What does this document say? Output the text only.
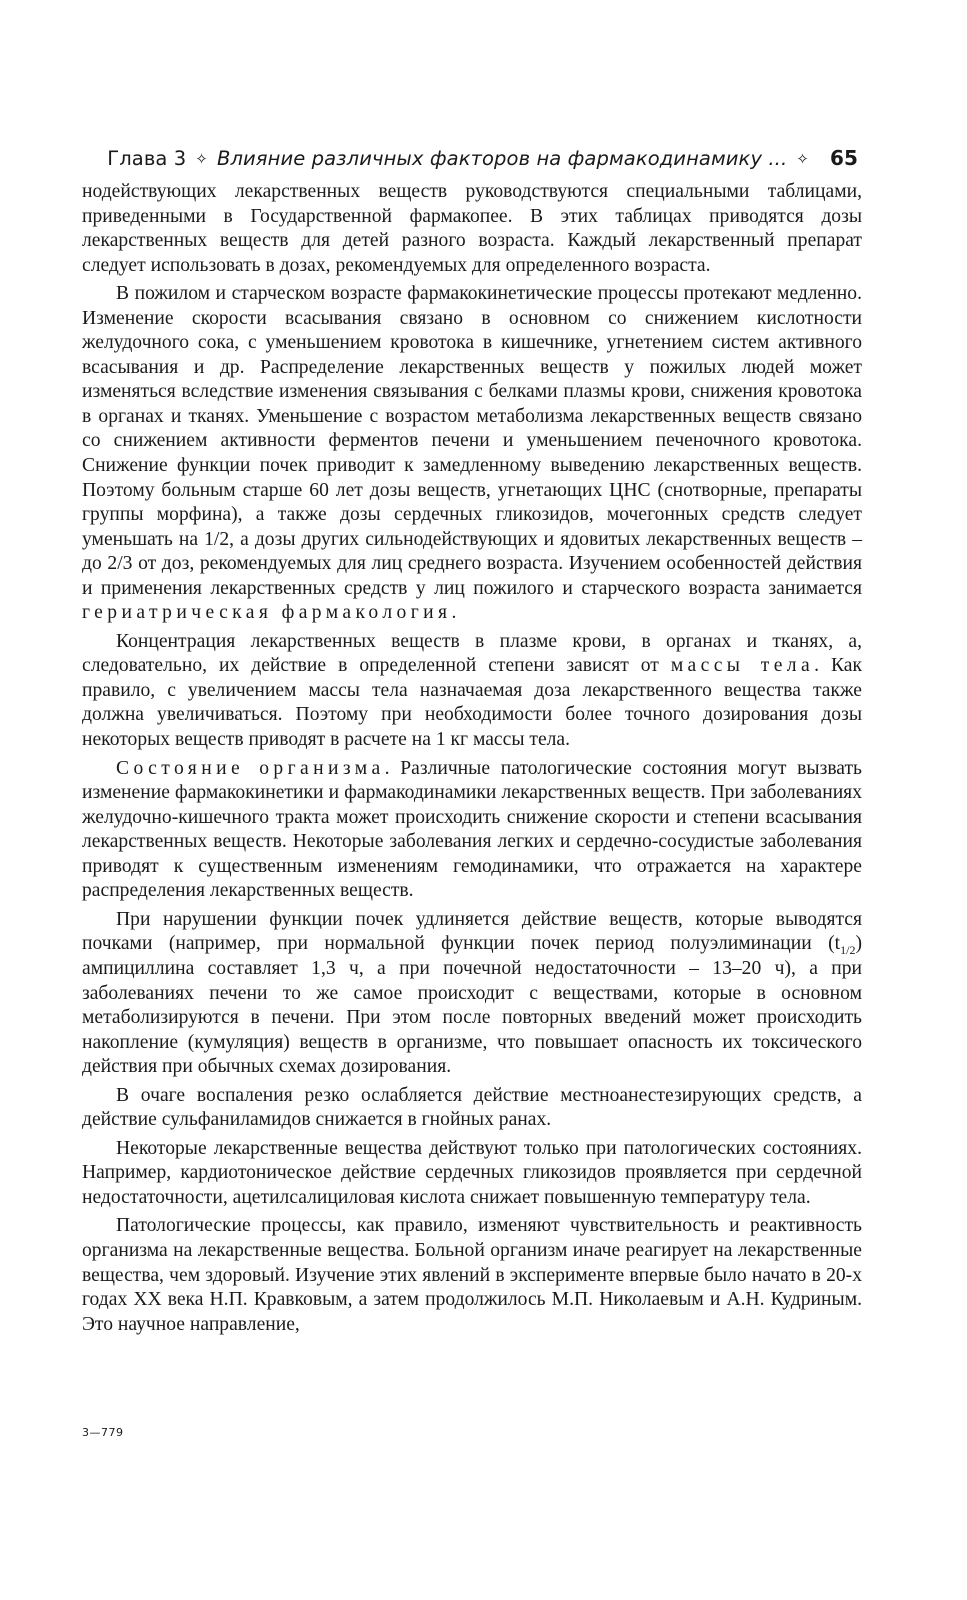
Глава 3 ✧ Влияние различных факторов на фармакодинамику ... ✧ 65

нодействующих лекарственных веществ руководствуются специальными таблицами, приведенными в Государственной фармакопее. В этих таблицах приводятся дозы лекарственных веществ для детей разного возраста. Каждый лекарственный препарат следует использовать в дозах, рекомендуемых для определенного возраста.

В пожилом и старческом возрасте фармакокинетические процессы протекают медленно. Изменение скорости всасывания связано в основном со снижением кислотности желудочного сока, с уменьшением кровотока в кишечнике, угнетением систем активного всасывания и др. Распределение лекарственных веществ у пожилых людей может изменяться вследствие изменения связывания с белками плазмы крови, снижения кровотока в органах и тканях. Уменьшение с возрастом метаболизма лекарственных веществ связано со снижением активности ферментов печени и уменьшением печеночного кровотока. Снижение функции почек приводит к замедленному выведению лекарственных веществ. Поэтому больным старше 60 лет дозы веществ, угнетающих ЦНС (снотворные, препараты группы морфина), а также дозы сердечных гликозидов, мочегонных средств следует уменьшать на 1/2, а дозы других сильнодействующих и ядовитых лекарственных веществ – до 2/3 от доз, рекомендуемых для лиц среднего возраста. Изучением особенностей действия и применения лекарственных средств у лиц пожилого и старческого возраста занимается гериатрическая фармакология.

Концентрация лекарственных веществ в плазме крови, в органах и тканях, а, следовательно, их действие в определенной степени зависят от массы тела. Как правило, с увеличением массы тела назначаемая доза лекарственного вещества также должна увеличиваться. Поэтому при необходимости более точного дозирования дозы некоторых веществ приводят в расчете на 1 кг массы тела.

Состояние организма. Различные патологические состояния могут вызвать изменение фармакокинетики и фармакодинамики лекарственных веществ. При заболеваниях желудочно-кишечного тракта может происходить снижение скорости и степени всасывания лекарственных веществ. Некоторые заболевания легких и сердечно-сосудистые заболевания приводят к существенным изменениям гемодинамики, что отражается на характере распределения лекарственных веществ.

При нарушении функции почек удлиняется действие веществ, которые выводятся почками (например, при нормальной функции почек период полуэлиминации $(t_{1/2})$ ампициллина составляет 1,3 ч, а при почечной недостаточности – 13–20 ч), а при заболеваниях печени то же самое происходит с веществами, которые в основном метаболизируются в печени. При этом после повторных введений может происходить накопление (кумуляция) веществ в организме, что повышает опасность их токсического действия при обычных схемах дозирования.

В очаге воспаления резко ослабляется действие местноанестезирующих средств, а действие сульфаниламидов снижается в гнойных ранах.

Некоторые лекарственные вещества действуют только при патологических состояниях. Например, кардиотоническое действие сердечных гликозидов проявляется при сердечной недостаточности, ацетилсалициловая кислота снижает повышенную температуру тела.

Патологические процессы, как правило, изменяют чувствительность и реактивность организма на лекарственные вещества. Больной организм иначе реагирует на лекарственные вещества, чем здоровый. Изучение этих явлений в эксперименте впервые было начато в 20-х годах XX века Н.П. Кравковым, а затем продолжилось М.П. Николаевым и А.Н. Кудриным. Это научное направление,

3—779
